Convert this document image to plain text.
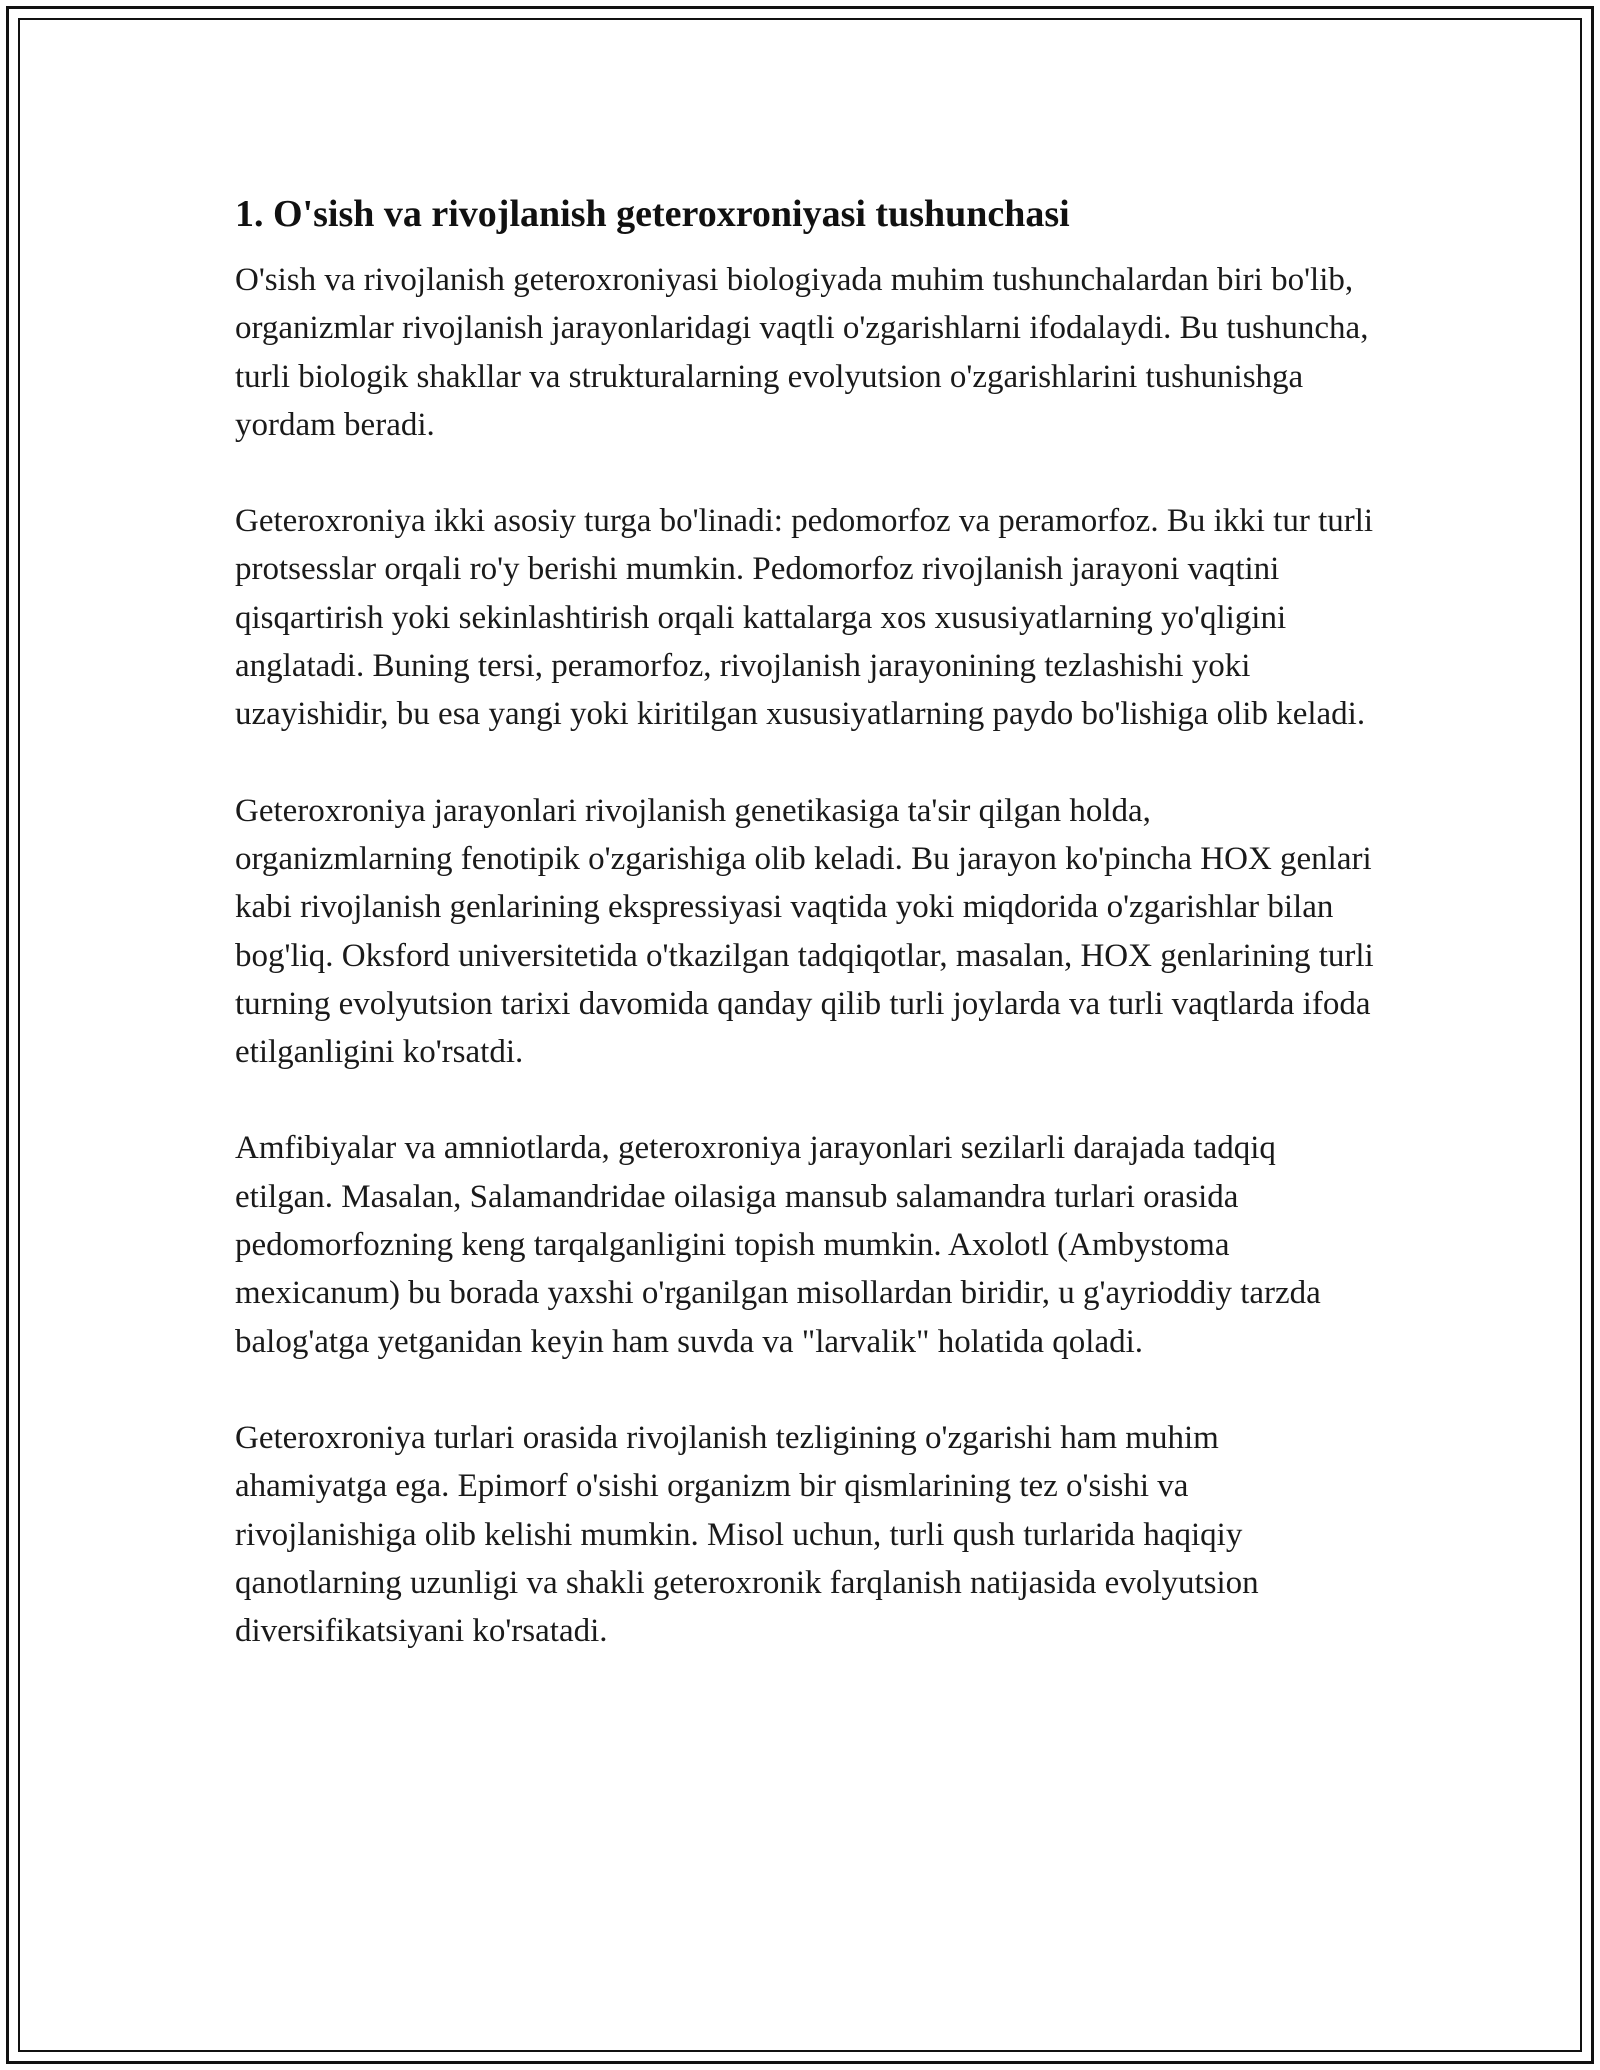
1. O'sish va rivojlanish geteroxroniyasi tushunchasi

O'sish va rivojlanish geteroxroniyasi biologiyada muhim tushunchalardan biri bo'lib, organizmlar rivojlanish jarayonlaridagi vaqtli o'zgarishlarni ifodalaydi. Bu tushuncha, turli biologik shakllar va strukturalarning evolyutsion o'zgarishlarini tushunishga yordam beradi.

Geteroxroniya ikki asosiy turga bo'linadi: pedomorfoz va peramorfoz. Bu ikki tur turli protsesslar orqali ro'y berishi mumkin. Pedomorfoz rivojlanish jarayoni vaqtini qisqartirish yoki sekinlashtirish orqali kattalarga xos xususiyatlarning yo'qligini anglatadi. Buning tersi, peramorfoz, rivojlanish jarayonining tezlashishi yoki uzayishidir, bu esa yangi yoki kiritilgan xususiyatlarning paydo bo'lishiga olib keladi.

Geteroxroniya jarayonlari rivojlanish genetikasiga ta'sir qilgan holda, organizmlarning fenotipik o'zgarishiga olib keladi. Bu jarayon ko'pincha HOX genlari kabi rivojlanish genlarining ekspressiyasi vaqtida yoki miqdorida o'zgarishlar bilan bog'liq. Oksford universitetida o'tkazilgan tadqiqotlar, masalan, HOX genlarining turli turning evolyutsion tarixi davomida qanday qilib turli joylarda va turli vaqtlarda ifoda etilganligini ko'rsatdi.

Amfibiyalar va amniotlarda, geteroxroniya jarayonlari sezilarli darajada tadqiq etilgan. Masalan, Salamandridae oilasiga mansub salamandra turlari orasida pedomorfozning keng tarqalganligini topish mumkin. Axolotl (Ambystoma mexicanum) bu borada yaxshi o'rganilgan misollardan biridir, u g'ayrioddiy tarzda balog'atga yetganidan keyin ham suvda va "larvalik" holatida qoladi.

Geteroxroniya turlari orasida rivojlanish tezligining o'zgarishi ham muhim ahamiyatga ega. Epimorf o'sishi organizm bir qismlarining tez o'sishi va rivojlanishiga olib kelishi mumkin. Misol uchun, turli qush turlarida haqiqiy qanotlarning uzunligi va shakli geteroxronik farqlanish natijasida evolyutsion diversifikatsiyani ko'rsatadi.
